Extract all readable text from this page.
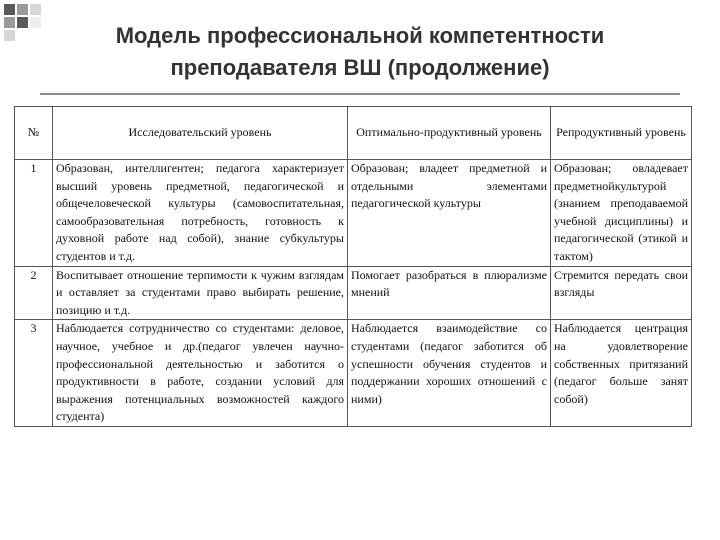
Модель профессиональной компетентности
преподавателя ВШ (продолжение)
№	Исследовательский уровень	Оптимально-продуктивный уровень	Репродуктивный уровень
1	Образован, интеллигентен; педагога характеризует высший уровень предметной, педагогической и общечеловеческой культуры (самовоспитательная, самообразовательная потребность, готовность к духовной работе над собой), знание субкультуры студентов и т.д.	Образован; владеет предметной и отдельными элементами педагогической культуры	Образован; овладевает предметнойкультурой (знанием преподаваемой учебной дисциплины) и педагогической (этикой и тактом)
2	Воспитывает отношение терпимости к чужим взглядам и оставляет за студентами право выбирать решение, позицию и т.д.	Помогает разобраться в плюрализме мнений	Стремится передать свои взгляды
3	Наблюдается сотрудничество со студентами: деловое, научное, учебное и др.(педагог увлечен научно-профессиональной деятельностью и заботится о продуктивности в работе, создании условий для выражения потенциальных возможностей каждого студента)	Наблюдается взаимодействие со студентами (педагог заботится об успешности обучения студентов и поддержании хороших отношений с ними)	Наблюдается центрация на удовлетворение собственных притязаний (педагог больше занят собой)
